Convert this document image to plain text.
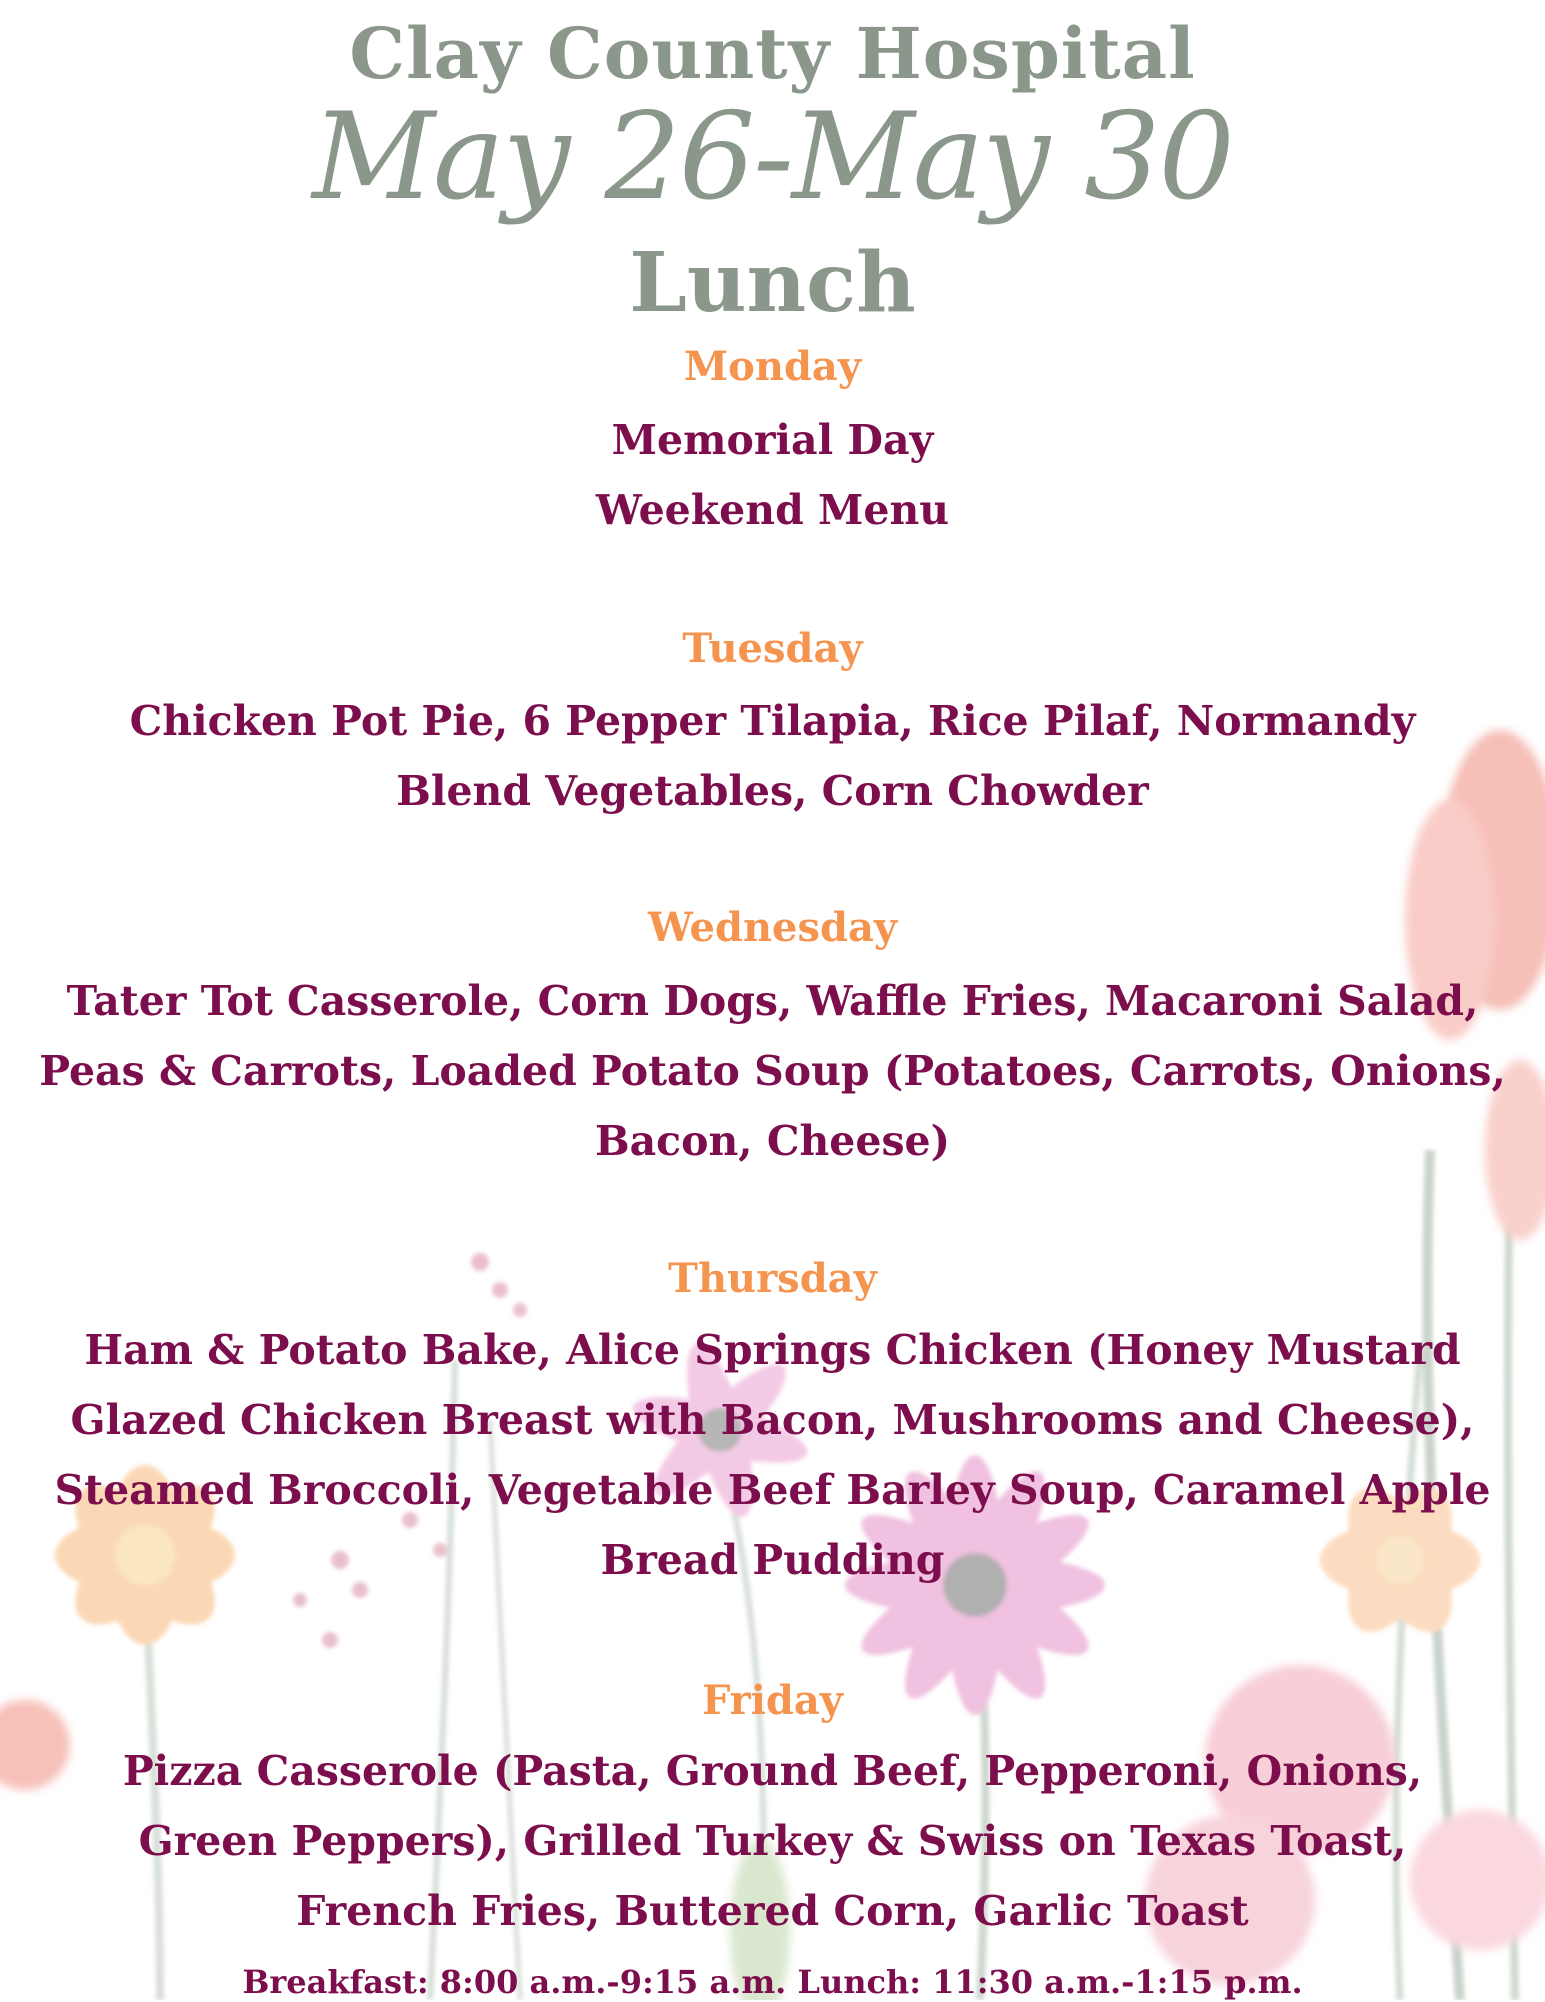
Clay County Hospital
May 26-May 30
Lunch
Monday
Memorial Day
Weekend Menu
Tuesday
Chicken Pot Pie, 6 Pepper Tilapia, Rice Pilaf, Normandy Blend Vegetables, Corn Chowder
Wednesday
Tater Tot Casserole, Corn Dogs, Waffle Fries, Macaroni Salad, Peas & Carrots, Loaded Potato Soup (Potatoes, Carrots, Onions, Bacon, Cheese)
Thursday
Ham & Potato Bake, Alice Springs Chicken (Honey Mustard Glazed Chicken Breast with Bacon, Mushrooms and Cheese), Steamed Broccoli, Vegetable Beef Barley Soup, Caramel Apple Bread Pudding
Friday
Pizza Casserole (Pasta, Ground Beef, Pepperoni, Onions, Green Peppers), Grilled Turkey & Swiss on Texas Toast, French Fries, Buttered Corn, Garlic Toast
Breakfast: 8:00 a.m.-9:15 a.m. Lunch: 11:30 a.m.-1:15 p.m.
